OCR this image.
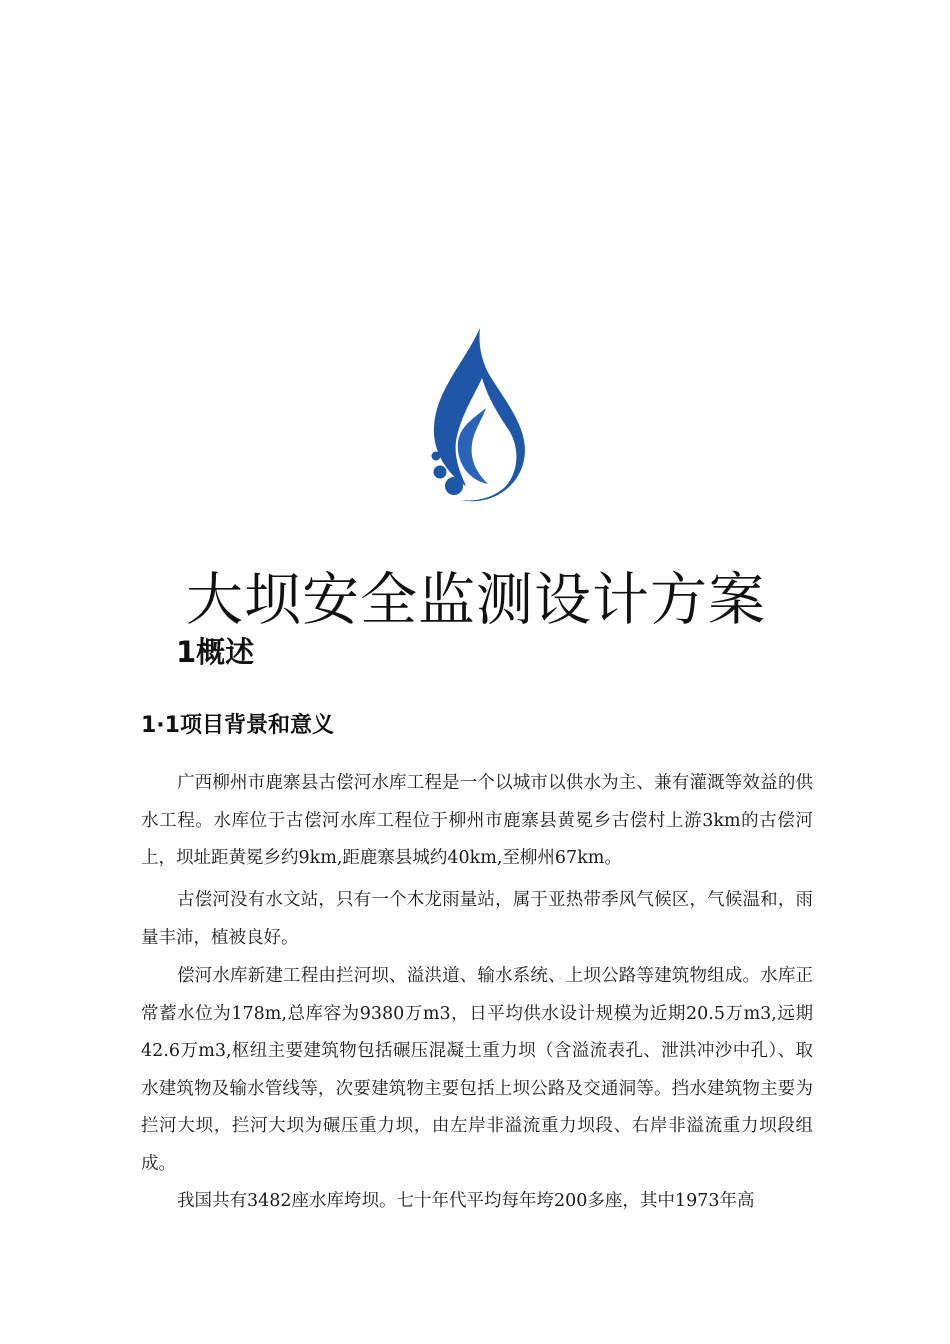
大坝安全监测设计方案
1概述
1·1项目背景和意义

广西柳州市鹿寨县古偿河水库工程是一个以城市以供水为主、兼有灌溉等效益的供水工程。水库位于古偿河水库工程位于柳州市鹿寨县黄冕乡古偿村上游3km的古偿河上，坝址距黄冕乡约9km,距鹿寨县城约40km,至柳州67km。

古偿河没有水文站，只有一个木龙雨量站，属于亚热带季风气候区，气候温和，雨量丰沛，植被良好。

偿河水库新建工程由拦河坝、溢洪道、输水系统、上坝公路等建筑物组成。水库正常蓄水位为178m,总库容为9380万m3，日平均供水设计规模为近期20.5万m3,远期42.6万m3,枢纽主要建筑物包括碾压混凝土重力坝（含溢流表孔、泄洪冲沙中孔）、取水建筑物及输水管线等，次要建筑物主要包括上坝公路及交通洞等。挡水建筑物主要为拦河大坝，拦河大坝为碾压重力坝，由左岸非溢流重力坝段、右岸非溢流重力坝段组成。

我国共有3482座水库垮坝。七十年代平均每年垮200多座，其中1973年高
